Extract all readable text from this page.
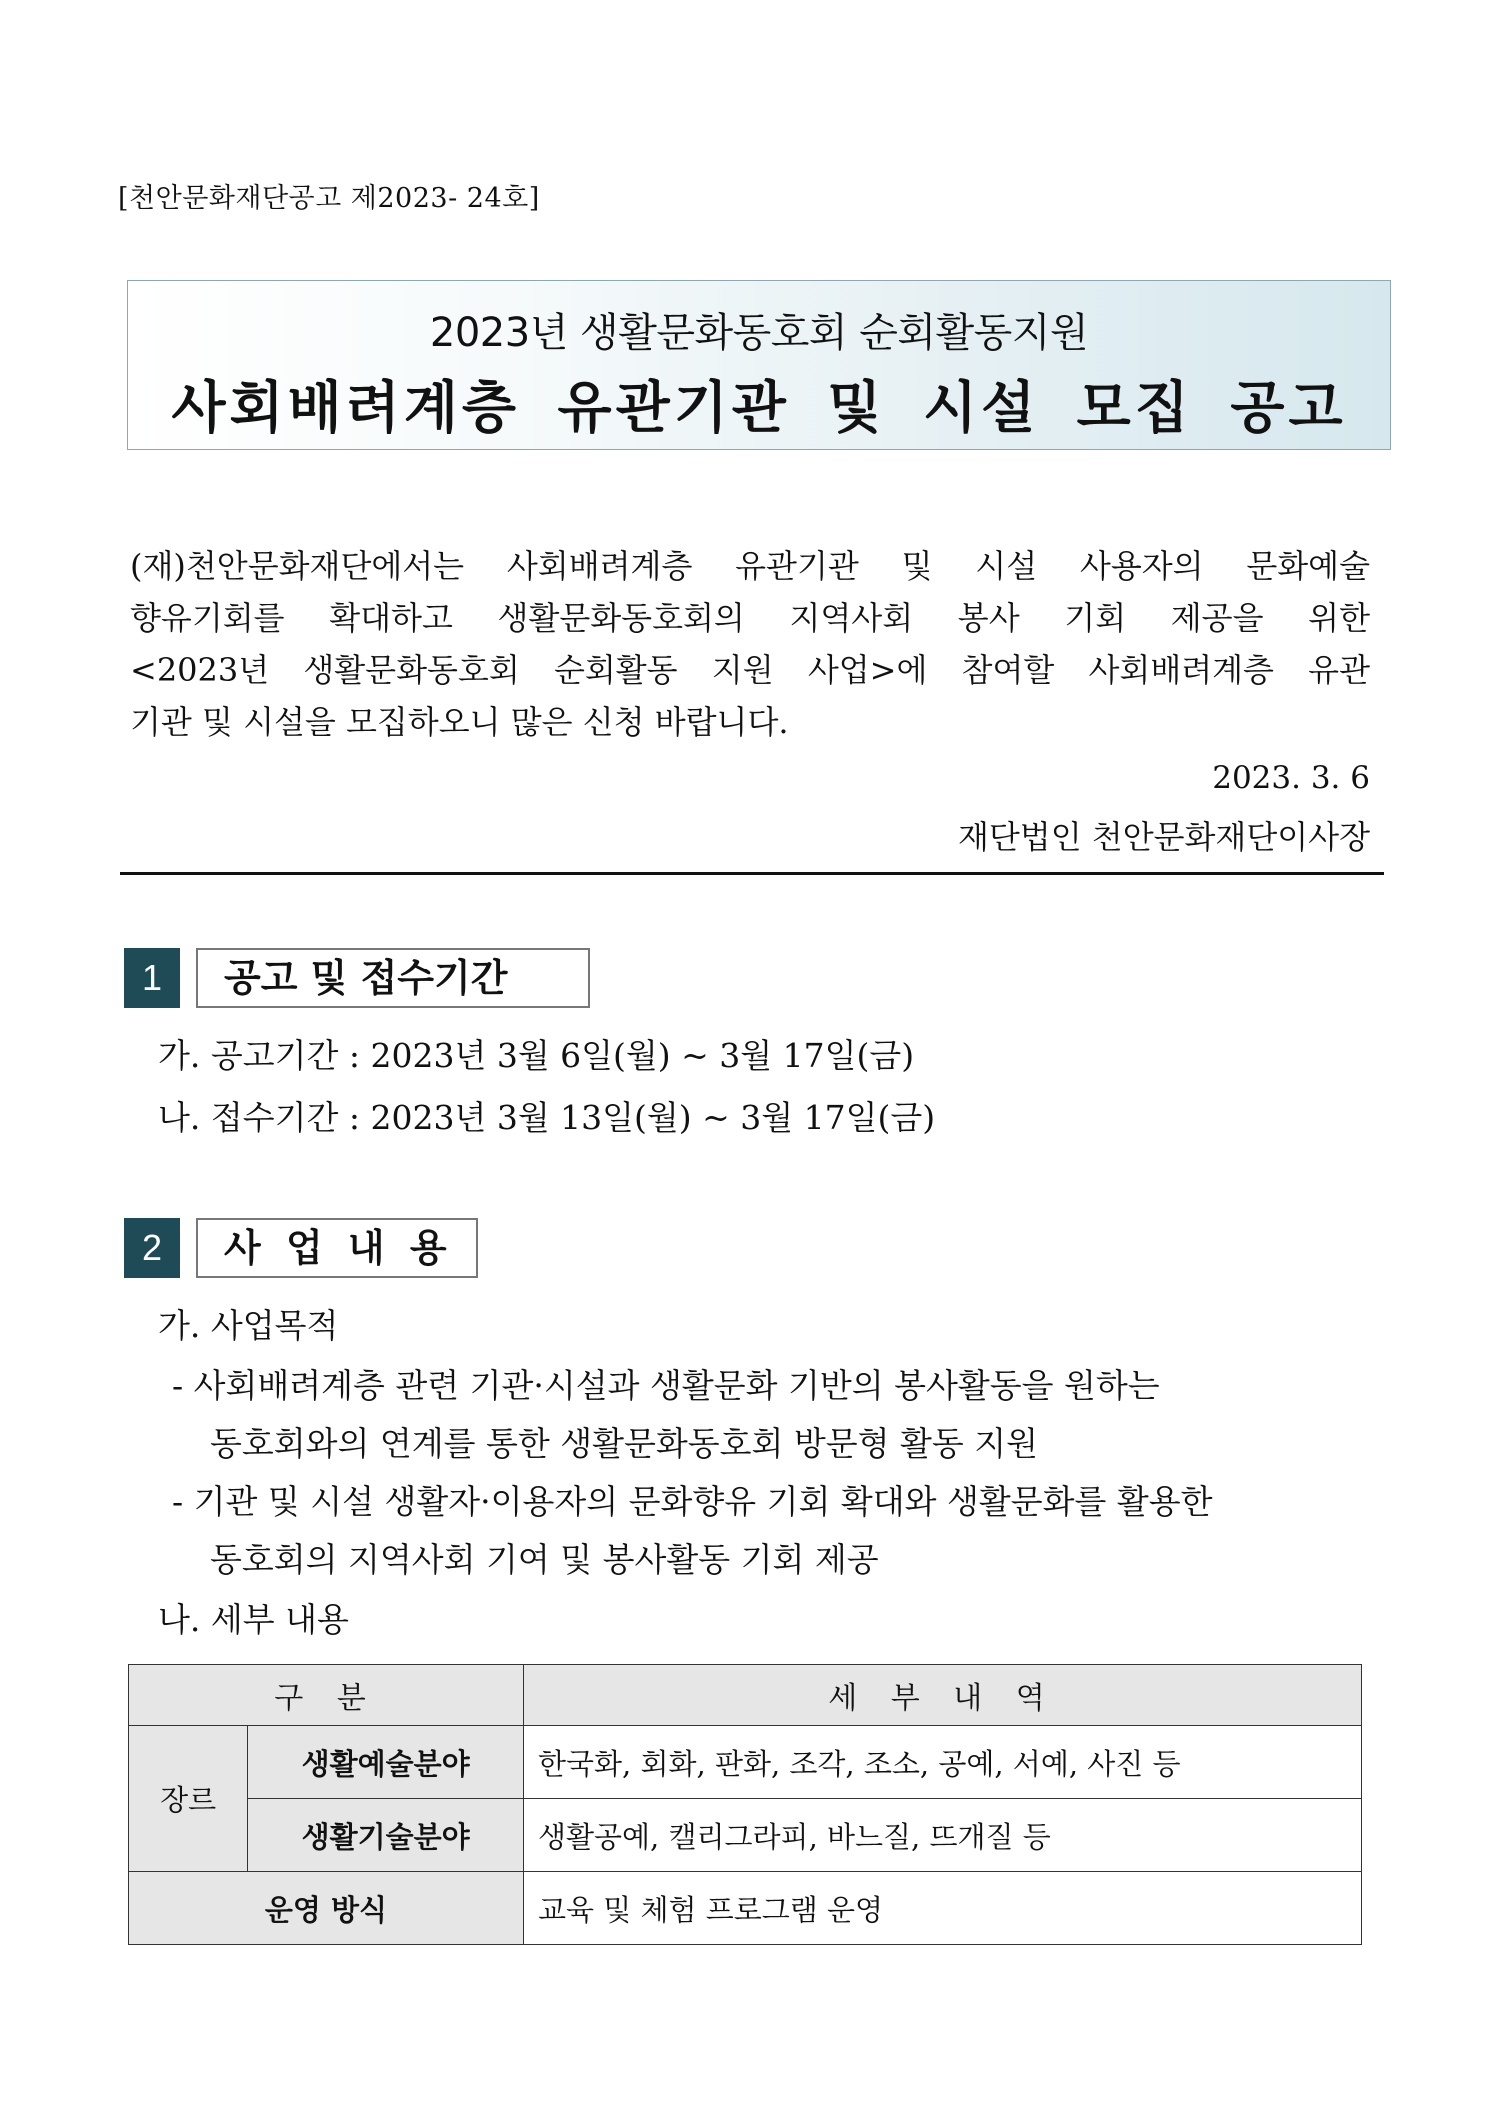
[천안문화재단공고 제2023- 24호]
2023년 생활문화동호회 순회활동지원
사회배려계층 유관기관 및 시설 모집 공고

(재)천안문화재단에서는 사회배려계층 유관기관 및 시설 사용자의 문화예술

향유기회를 확대하고 생활문화동호회의 지역사회 봉사 기회 제공을 위한

<2023년 생활문화동호회 순회활동 지원 사업>에 참여할 사회배려계층 유관

기관 및 시설을 모집하오니 많은 신청 바랍니다.

2023. 3. 6
재단법인 천안문화재단이사장
1	공고 및 접수기간
가. 공고기간 : 2023년 3월 6일(월) ~ 3월 17일(금)
나. 접수기간 : 2023년 3월 13일(월) ~ 3월 17일(금)
2	사 업 내 용
가. 사업목적
- 사회배려계층 관련 기관·시설과 생활문화 기반의 봉사활동을 원하는
동호회와의 연계를 통한 생활문화동호회 방문형 활동 지원
- 기관 및 시설 생활자·이용자의 문화향유 기회 확대와 생활문화를 활용한
동호회의 지역사회 기여 및 봉사활동 기회 제공
나. 세부 내용
구 분		세 부 내 역
장르	생활예술분야	한국화, 회화, 판화, 조각, 조소, 공예, 서예, 사진 등
	생활기술분야	생활공예, 캘리그라피, 바느질, 뜨개질 등
운영 방식		교육 및 체험 프로그램 운영
